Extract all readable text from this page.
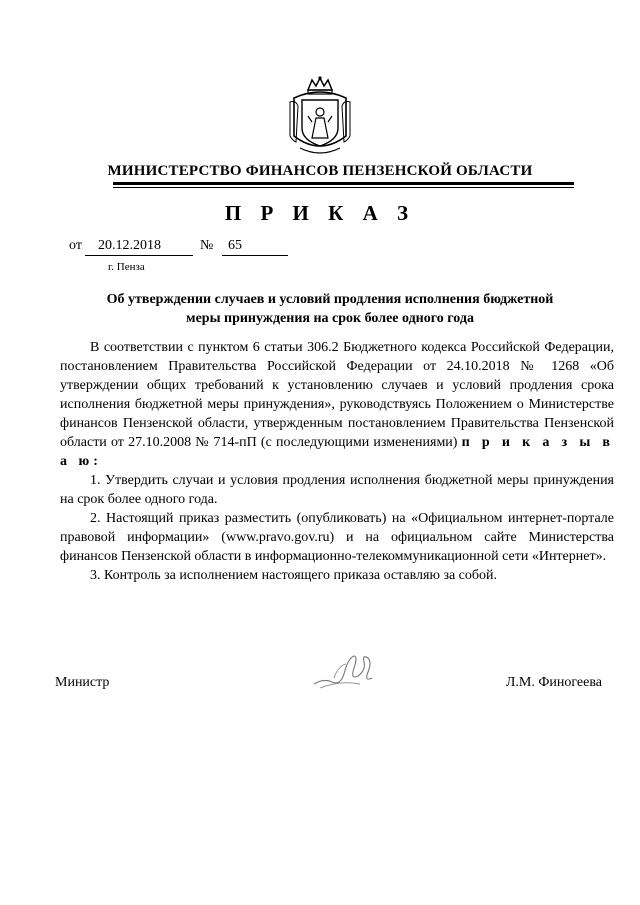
МИНИСТЕРСТВО ФИНАНСОВ ПЕНЗЕНСКОЙ ОБЛАСТИ
П Р И К А З
от	20.12.2018	№	65
г. Пенза
Об утверждении случаев и условий продления исполнения бюджетной меры принуждения на срок более одного года

В соответствии с пунктом 6 статьи 306.2 Бюджетного кодекса Российской Федерации, постановлением Правительства Российской Федерации от 24.10.2018 № 1268 «Об утверждении общих требований к установлению случаев и условий продления срока исполнения бюджетной меры принуждения», руководствуясь Положением о Министерстве финансов Пензенской области, утвержденным постановлением Правительства Пензенской области от 27.10.2008 № 714-пП (с последующими изменениями) п р и к а з ы в а ю:

1. Утвердить случаи и условия продления исполнения бюджетной меры принуждения на срок более одного года.

2. Настоящий приказ разместить (опубликовать) на «Официальном интернет-портале правовой информации» (www.pravo.gov.ru) и на официальном сайте Министерства финансов Пензенской области в информационно-телекоммуникационной сети «Интернет».

3. Контроль за исполнением настоящего приказа оставляю за собой.

Министр	Л.М. Финогеева
